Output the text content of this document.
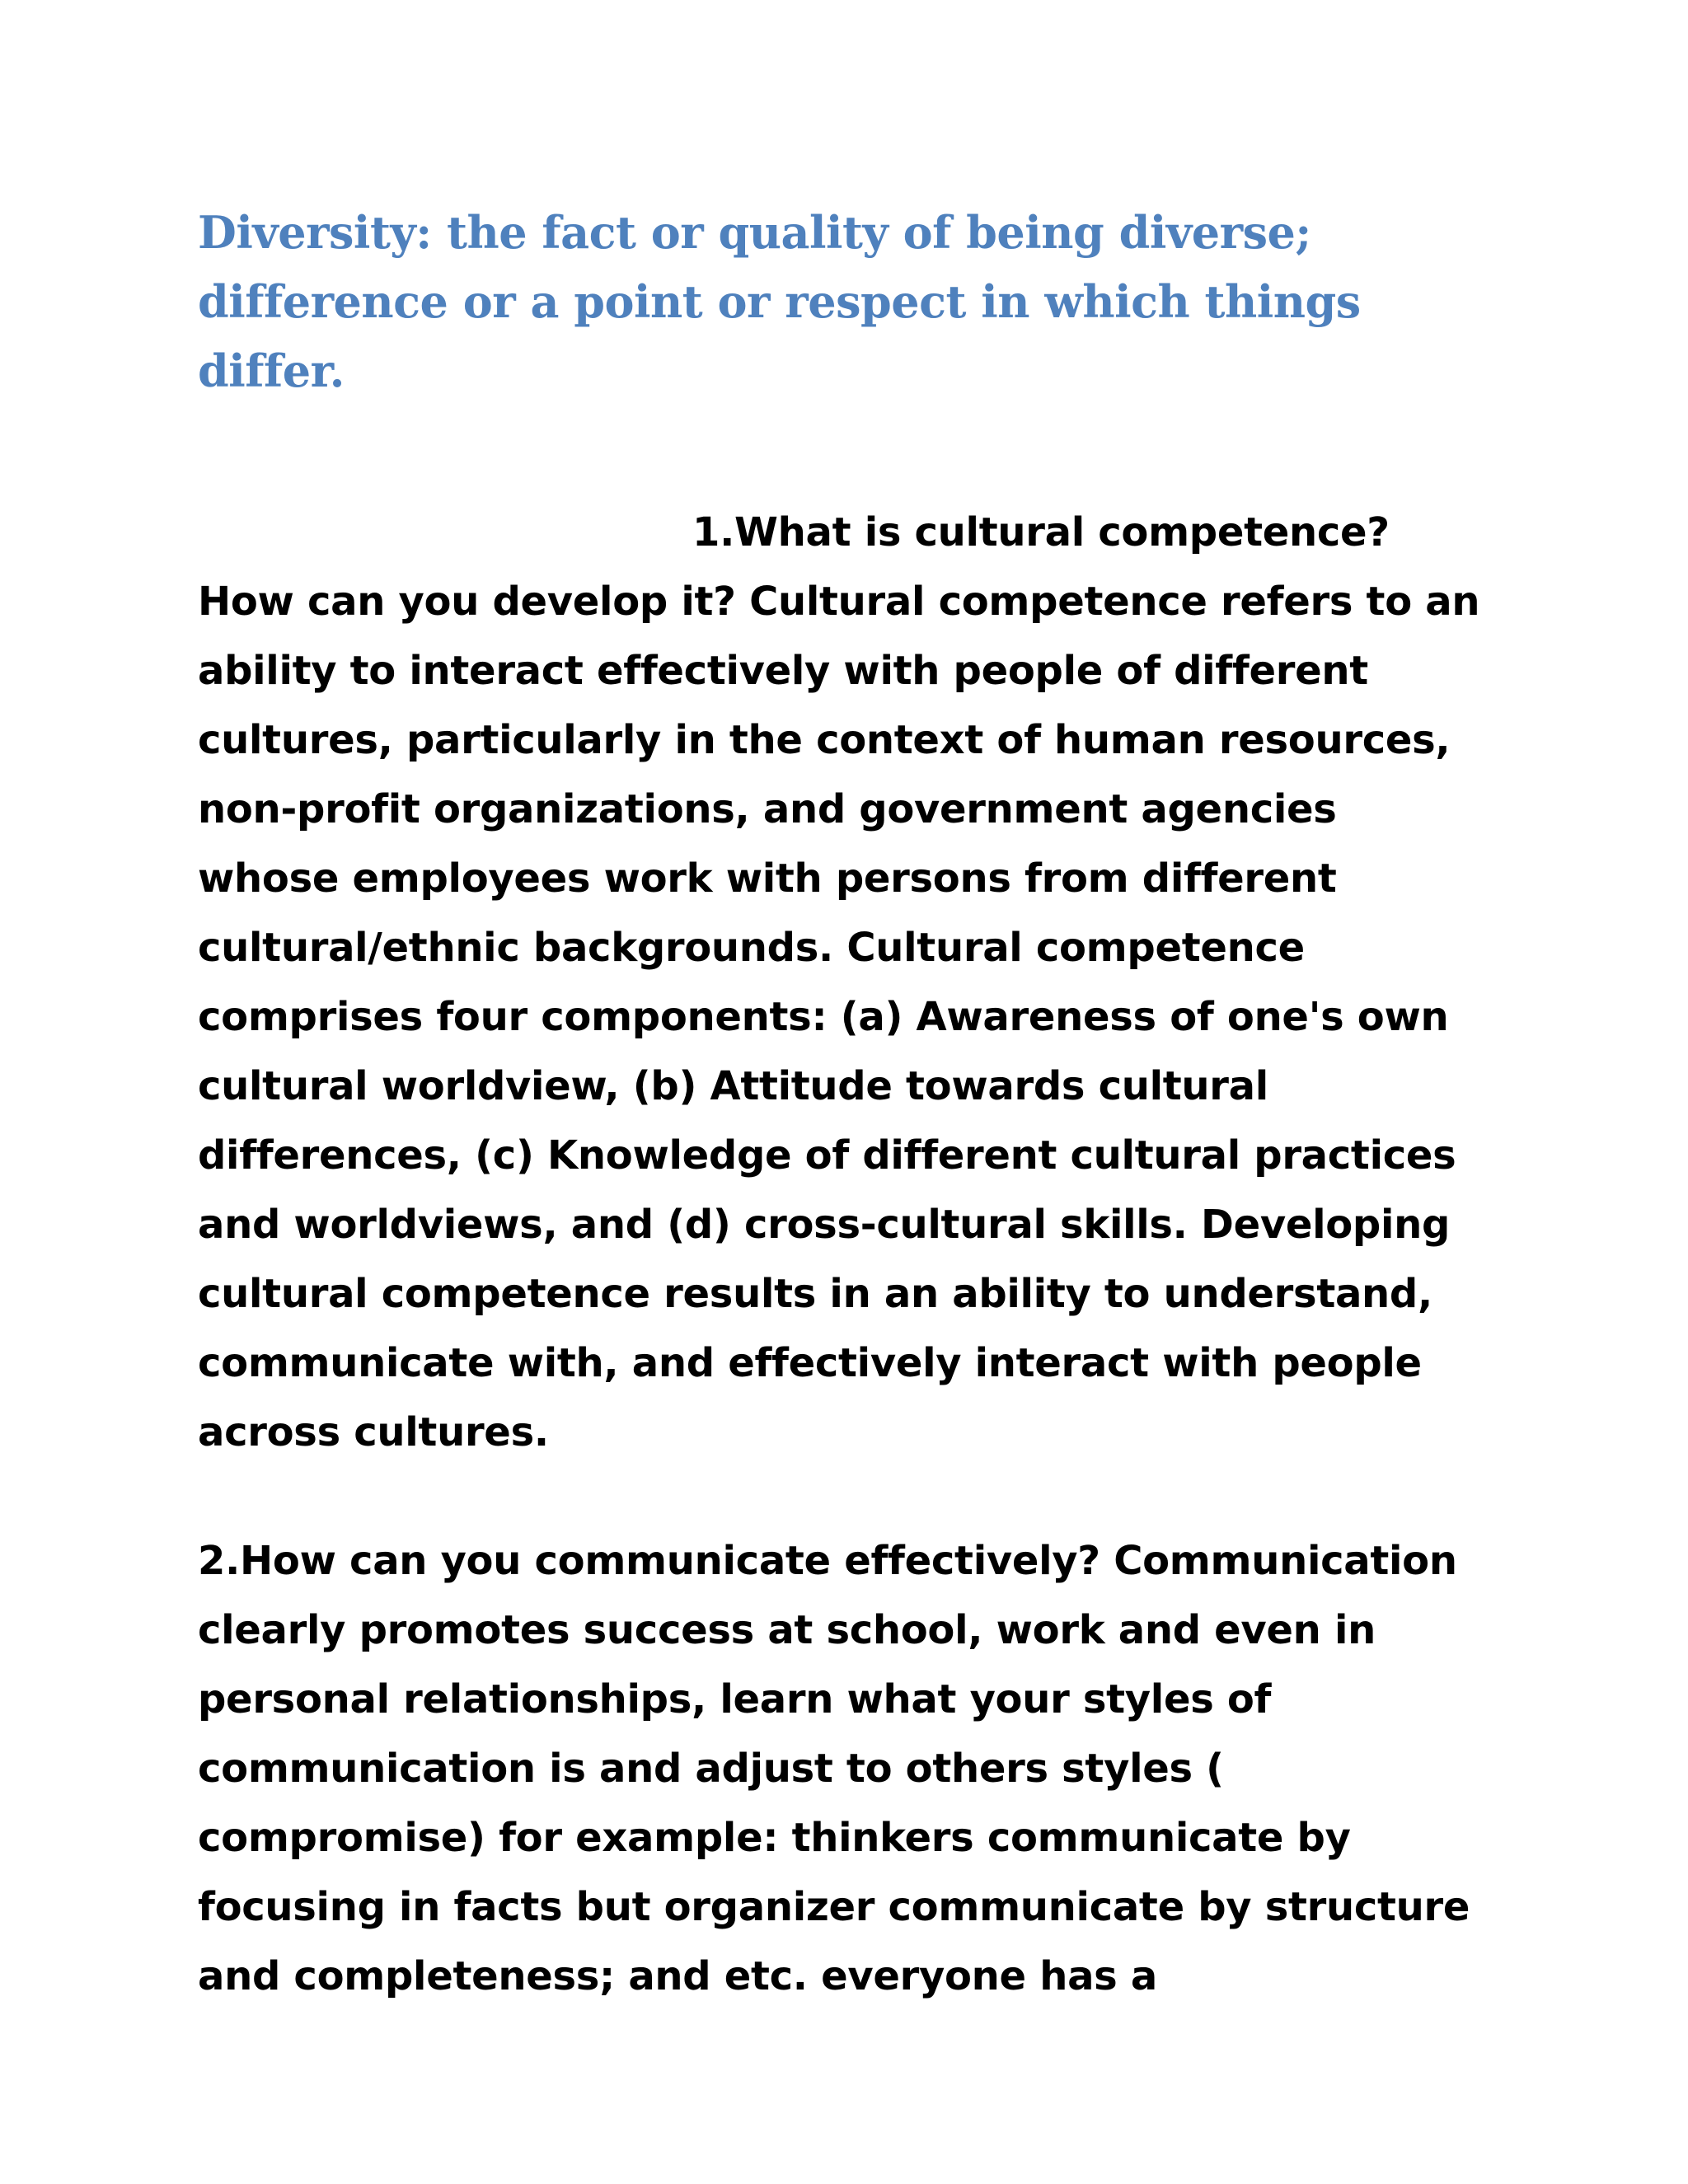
Diversity: the fact or quality of being diverse; difference or a point or respect in which things differ.

1.What is cultural competence?How can you develop it? Cultural competence refers to an ability to interact effectively with people of different cultures, particularly in the context of human resources, non-profit organizations, and government agencies whose employees work with persons from different cultural/ethnic backgrounds. Cultural competence comprises four components: (a) Awareness of one's own cultural worldview, (b) Attitude towards cultural differences, (c) Knowledge of different cultural practices and worldviews, and (d) cross-cultural skills. Developing cultural competence results in an ability to understand, communicate with, and effectively interact with people across cultures.

2.How can you communicate effectively? Communication clearly promotes success at school, work and even in personal relationships, learn what your styles of communication is and adjust to others styles ( compromise) for example: thinkers communicate by focusing in facts but organizer communicate by structure and completeness; and etc. everyone has a
